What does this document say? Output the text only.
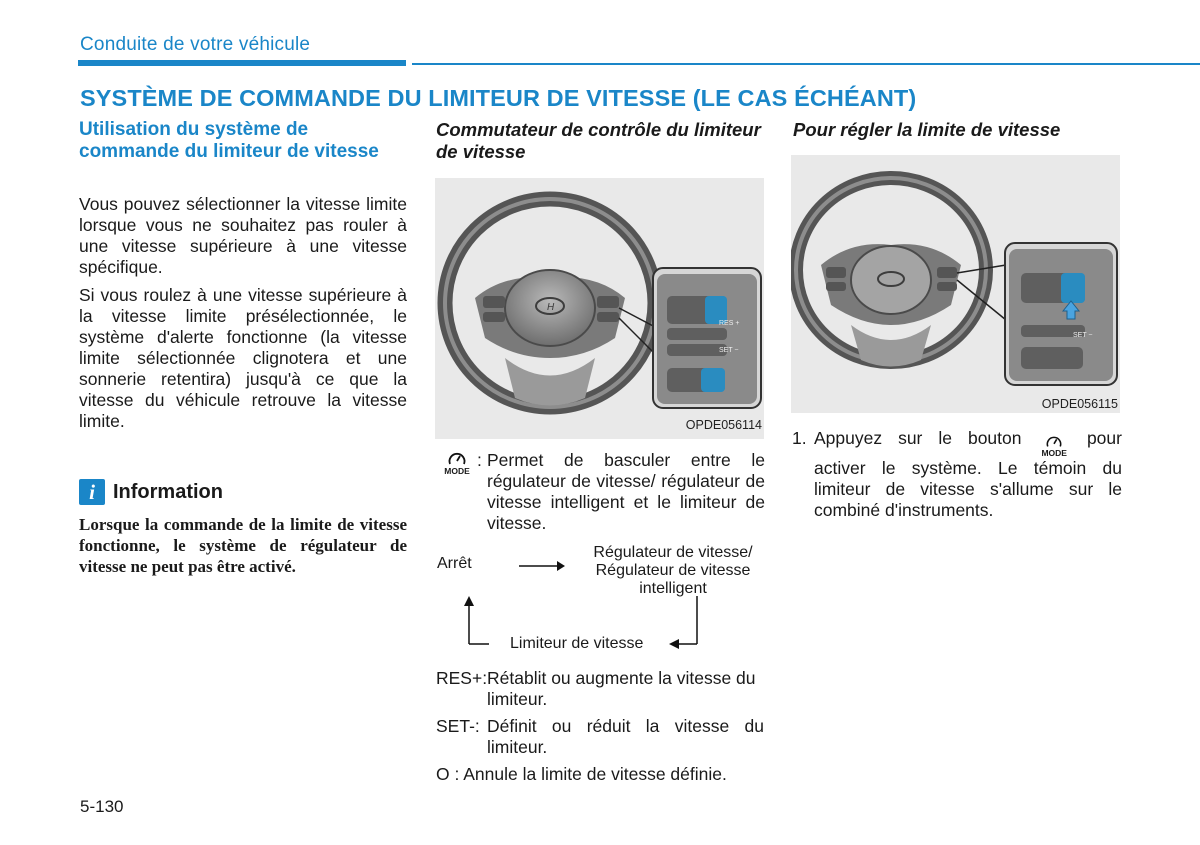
Conduite de votre véhicule
SYSTÈME DE COMMANDE DU LIMITEUR DE VITESSE (LE CAS ÉCHÉANT)
Utilisation du système de commande du limiteur de vitesse
Vous pouvez sélectionner la vitesse limite lorsque vous ne souhaitez pas rouler à une vitesse supérieure à une vitesse spécifique.
Si vous roulez à une vitesse supérieure à la vitesse limite présélectionnée, le système d'alerte fonctionne (la vitesse limite sélectionnée clignotera et une sonnerie retentira) jusqu'à ce que la vitesse du véhicule retrouve la vitesse limite.
i Information
Lorsque la commande de la limite de vitesse fonctionne, le système de régulateur de vitesse ne peut pas être activé.
Commutateur de contrôle du limiteur de vitesse
H
RES +
SET −
OPDE056114
MODE
: Permet de basculer entre le régulateur de vitesse/ régulateur de vitesse intelligent et le limiteur de vitesse.
Arrêt
Régulateur de vitesse/
Régulateur de vitesse
intelligent
Limiteur de vitesse
RES+: Rétablit ou augmente la vitesse du limiteur.
SET-: Définit ou réduit la vitesse du limiteur.
O : Annule la limite de vitesse définie.
Pour régler la limite de vitesse
SET −
OPDE056115
1. Appuyez sur le bouton
MODE
pour activer le système. Le témoin du limiteur de vitesse s'allume sur le combiné d'instruments.
5-130
